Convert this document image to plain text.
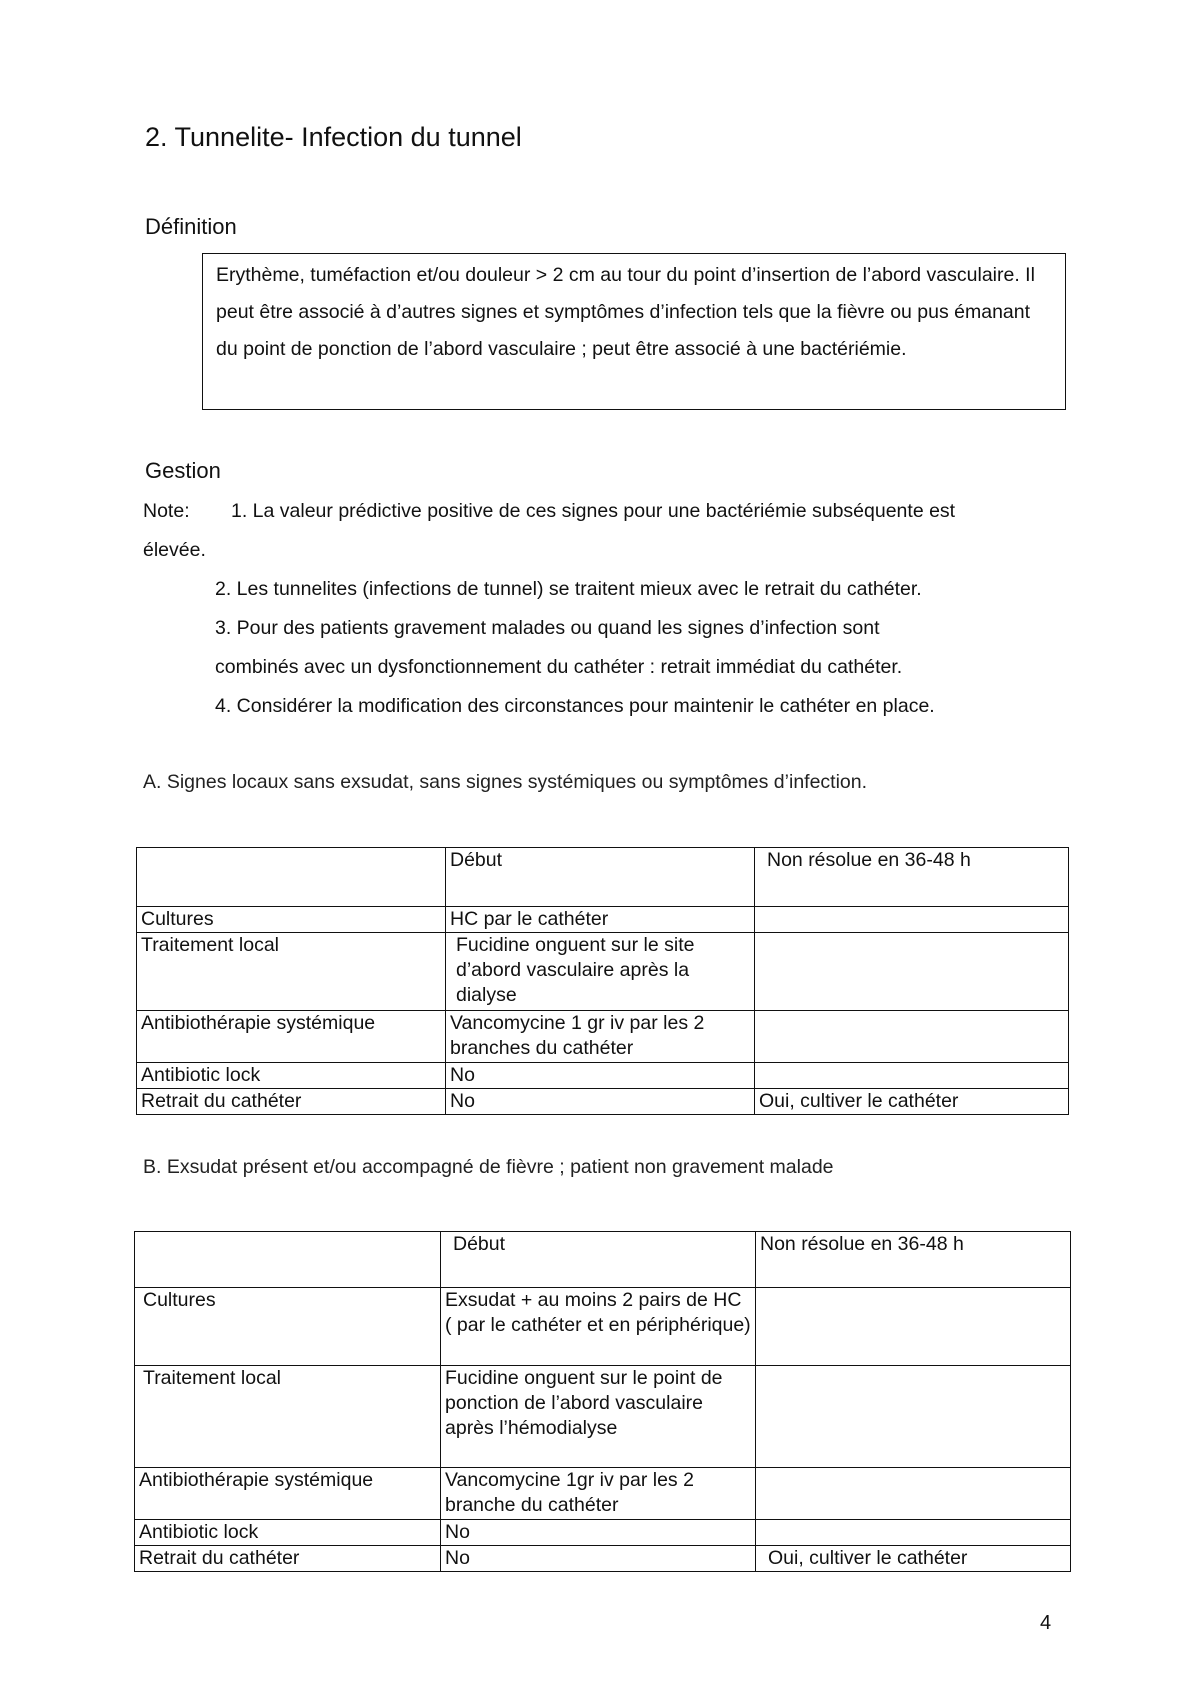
2. Tunnelite- Infection du tunnel
Définition
Erythème, tuméfaction et/ou douleur > 2 cm au tour du point d’insertion de l’abord vasculaire. Il peut être associé à d’autres signes et symptômes d’infection tels que la fièvre ou pus émanant du point de ponction de l’abord vasculaire ; peut être associé à une bactériémie.
Gestion
Note: 1. La valeur prédictive positive de ces signes pour une bactériémie subséquente est
élevée.
2. Les tunnelites (infections de tunnel) se traitent mieux avec le retrait du cathéter.
3. Pour des patients gravement malades ou quand les signes d’infection sont
combinés avec un dysfonctionnement du cathéter : retrait immédiat du cathéter.
4. Considérer la modification des circonstances pour maintenir le cathéter en place.
A. Signes locaux sans exsudat, sans signes systémiques ou symptômes d’infection.
	Début	Non résolue en 36-48 h
Cultures	HC par le cathéter	
Traitement local	Fucidine onguent sur le site d’abord vasculaire après la dialyse	
Antibiothérapie systémique	Vancomycine 1 gr iv par les 2 branches du cathéter	
Antibiotic lock	No	
Retrait du cathéter	No	Oui, cultiver le cathéter
B. Exsudat présent et/ou accompagné de fièvre ; patient non gravement malade
	Début	Non résolue en 36-48 h
Cultures	Exsudat + au moins 2 pairs de HC ( par le cathéter et en périphérique)	
Traitement local	Fucidine onguent sur le point de ponction de l’abord vasculaire après l’hémodialyse	
Antibiothérapie systémique	Vancomycine 1gr iv par les 2 branche du cathéter	
Antibiotic lock	No	
Retrait du cathéter	No	Oui, cultiver le cathéter
4
